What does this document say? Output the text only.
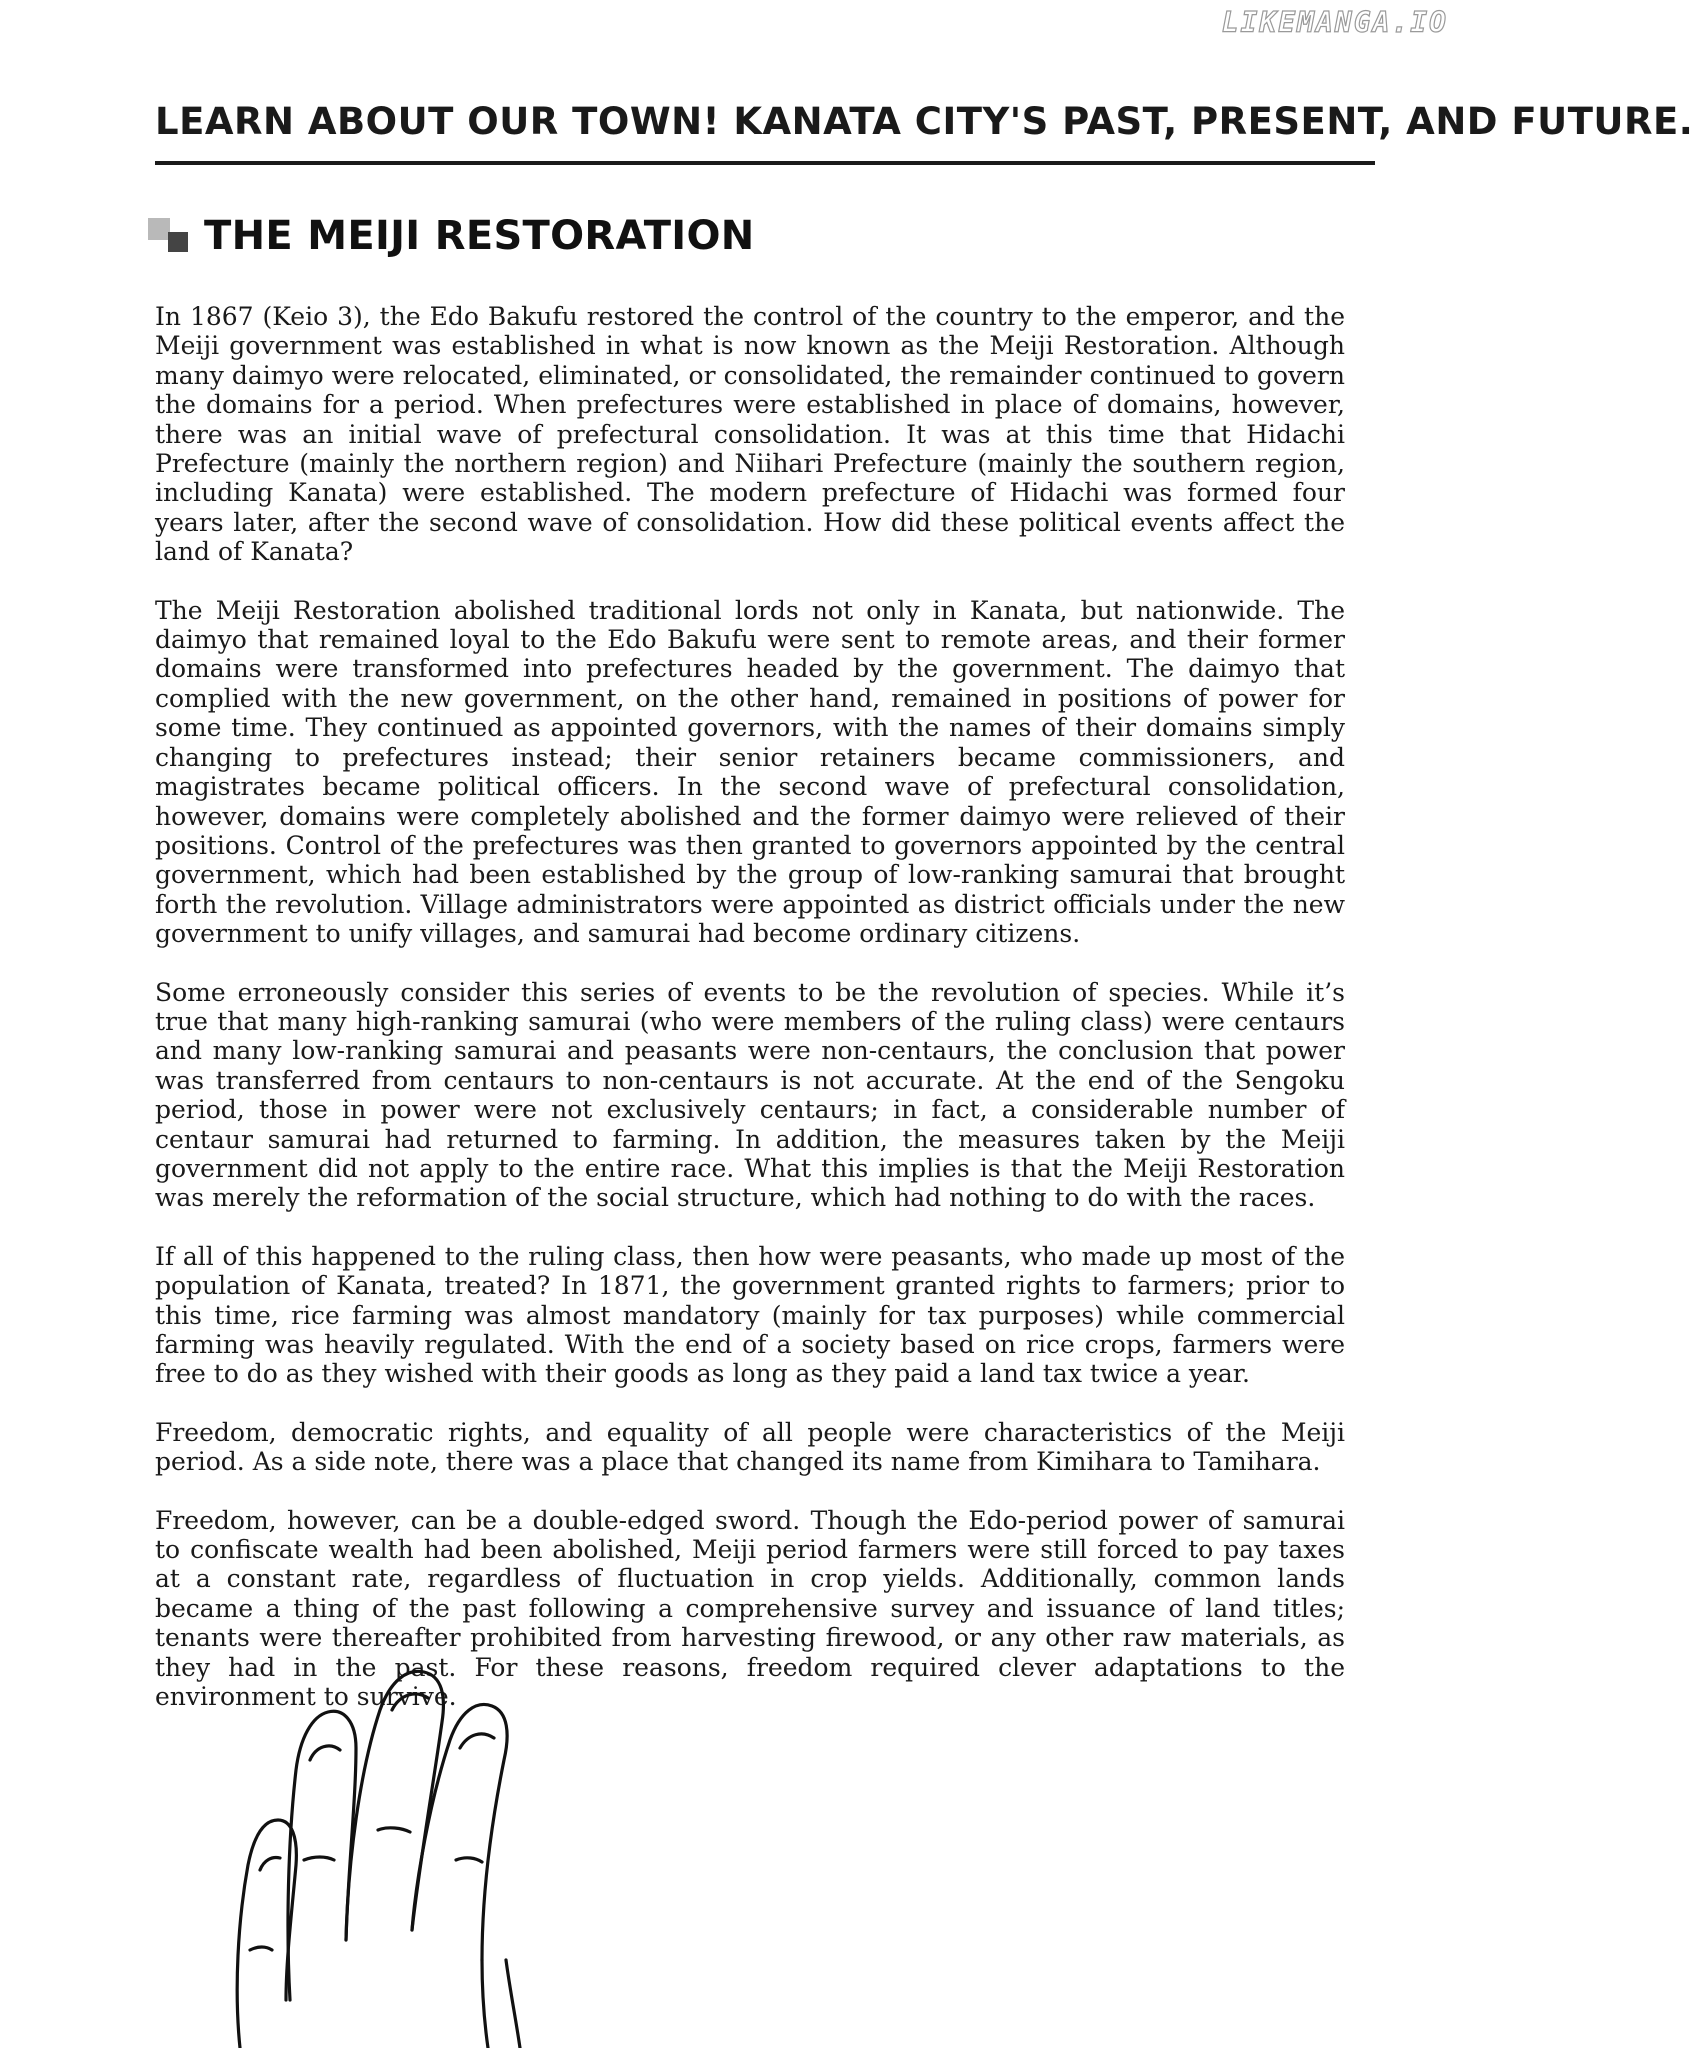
LIKEMANGA.IO
LEARN ABOUT OUR TOWN! KANATA CITY'S PAST, PRESENT, AND FUTURE.
THE MEIJI RESTORATION

In 1867 (Keio 3), the Edo Bakufu restored the control of the country to the emperor, and the Meiji government was established in what is now known as the Meiji Restoration. Although many daimyo were relocated, eliminated, or consolidated, the remainder continued to govern the domains for a period. When prefectures were established in place of domains, however, there was an initial wave of prefectural consolidation. It was at this time that Hidachi Prefecture (mainly the northern region) and Niihari Prefecture (mainly the southern region, including Kanata) were established. The modern prefecture of Hidachi was formed four years later, after the second wave of consolidation. How did these political events affect the land of Kanata?

The Meiji Restoration abolished traditional lords not only in Kanata, but nationwide. The daimyo that remained loyal to the Edo Bakufu were sent to remote areas, and their former domains were transformed into prefectures headed by the government. The daimyo that complied with the new government, on the other hand, remained in positions of power for some time. They continued as appointed governors, with the names of their domains simply changing to prefectures instead; their senior retainers became commissioners, and magistrates became political officers. In the second wave of prefectural consolidation, however, domains were completely abolished and the former daimyo were relieved of their positions. Control of the prefectures was then granted to governors appointed by the central government, which had been established by the group of low-ranking samurai that brought forth the revolution. Village administrators were appointed as district officials under the new government to unify villages, and samurai had become ordinary citizens.

Some erroneously consider this series of events to be the revolution of species. While it’s true that many high-ranking samurai (who were members of the ruling class) were centaurs and many low-ranking samurai and peasants were non-centaurs, the conclusion that power was transferred from centaurs to non-centaurs is not accurate. At the end of the Sengoku period, those in power were not exclusively centaurs; in fact, a considerable number of centaur samurai had returned to farming. In addition, the measures taken by the Meiji government did not apply to the entire race. What this implies is that the Meiji Restoration was merely the reformation of the social structure, which had nothing to do with the races.

If all of this happened to the ruling class, then how were peasants, who made up most of the population of Kanata, treated? In 1871, the government granted rights to farmers; prior to this time, rice farming was almost mandatory (mainly for tax purposes) while commercial farming was heavily regulated. With the end of a society based on rice crops, farmers were free to do as they wished with their goods as long as they paid a land tax twice a year.

Freedom, democratic rights, and equality of all people were characteristics of the Meiji period. As a side note, there was a place that changed its name from Kimihara to Tamihara.

Freedom, however, can be a double-edged sword. Though the Edo-period power of samurai to confiscate wealth had been abolished, Meiji period farmers were still forced to pay taxes at a constant rate, regardless of fluctuation in crop yields. Additionally, common lands became a thing of the past following a comprehensive survey and issuance of land titles; tenants were thereafter prohibited from harvesting firewood, or any other raw materials, as they had in the past. For these reasons, freedom required clever adaptations to the environment to survive.
